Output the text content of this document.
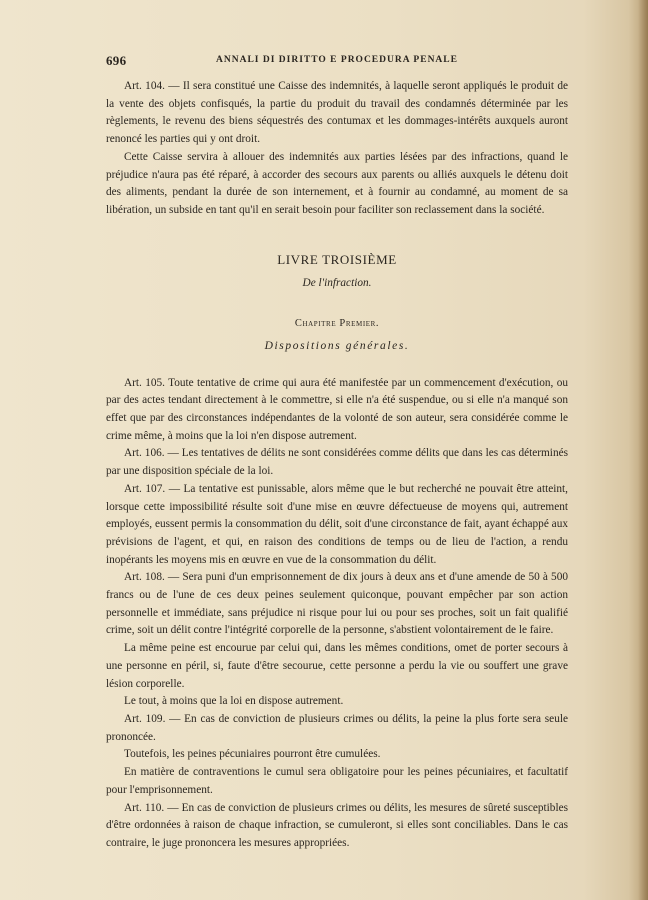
696	ANNALI DI DIRITTO E PROCEDURA PENALE

Art. 104. — Il sera constitué une Caisse des indemnités, à laquelle seront appliqués le produit de la vente des objets confisqués, la partie du produit du travail des condamnés déterminée par les règlements, le revenu des biens séquestrés des contumax et les dommages-intérêts auxquels auront renoncé les parties qui y ont droit.

Cette Caisse servira à allouer des indemnités aux parties lésées par des infractions, quand le préjudice n'aura pas été réparé, à accorder des secours aux parents ou alliés auxquels le détenu doit des aliments, pendant la durée de son internement, et à fournir au condamné, au moment de sa libération, un subside en tant qu'il en serait besoin pour faciliter son reclassement dans la société.

LIVRE TROISIÈME

De l'infraction.

Chapitre Premier.

Dispositions générales.

Art. 105. Toute tentative de crime qui aura été manifestée par un commencement d'exécution, ou par des actes tendant directement à le commettre, si elle n'a été suspendue, ou si elle n'a manqué son effet que par des circonstances indépendantes de la volonté de son auteur, sera considérée comme le crime même, à moins que la loi n'en dispose autrement.

Art. 106. — Les tentatives de délits ne sont considérées comme délits que dans les cas déterminés par une disposition spéciale de la loi.

Art. 107. — La tentative est punissable, alors même que le but recherché ne pouvait être atteint, lorsque cette impossibilité résulte soit d'une mise en œuvre défectueuse de moyens qui, autrement employés, eussent permis la consommation du délit, soit d'une circonstance de fait, ayant échappé aux prévisions de l'agent, et qui, en raison des conditions de temps ou de lieu de l'action, a rendu inopérants les moyens mis en œuvre en vue de la consommation du délit.

Art. 108. — Sera puni d'un emprisonnement de dix jours à deux ans et d'une amende de 50 à 500 francs ou de l'une de ces deux peines seulement quiconque, pouvant empêcher par son action personnelle et immédiate, sans préjudice ni risque pour lui ou pour ses proches, soit un fait qualifié crime, soit un délit contre l'intégrité corporelle de la personne, s'abstient volontairement de le faire.

La même peine est encourue par celui qui, dans les mêmes conditions, omet de porter secours à une personne en péril, si, faute d'être secourue, cette personne a perdu la vie ou souffert une grave lésion corporelle.

Le tout, à moins que la loi en dispose autrement.

Art. 109. — En cas de conviction de plusieurs crimes ou délits, la peine la plus forte sera seule prononcée.

Toutefois, les peines pécuniaires pourront être cumulées.

En matière de contraventions le cumul sera obligatoire pour les peines pécuniaires, et facultatif pour l'emprisonnement.

Art. 110. — En cas de conviction de plusieurs crimes ou délits, les mesures de sûreté susceptibles d'être ordonnées à raison de chaque infraction, se cumuleront, si elles sont conciliables. Dans le cas contraire, le juge prononcera les mesures appropriées.
